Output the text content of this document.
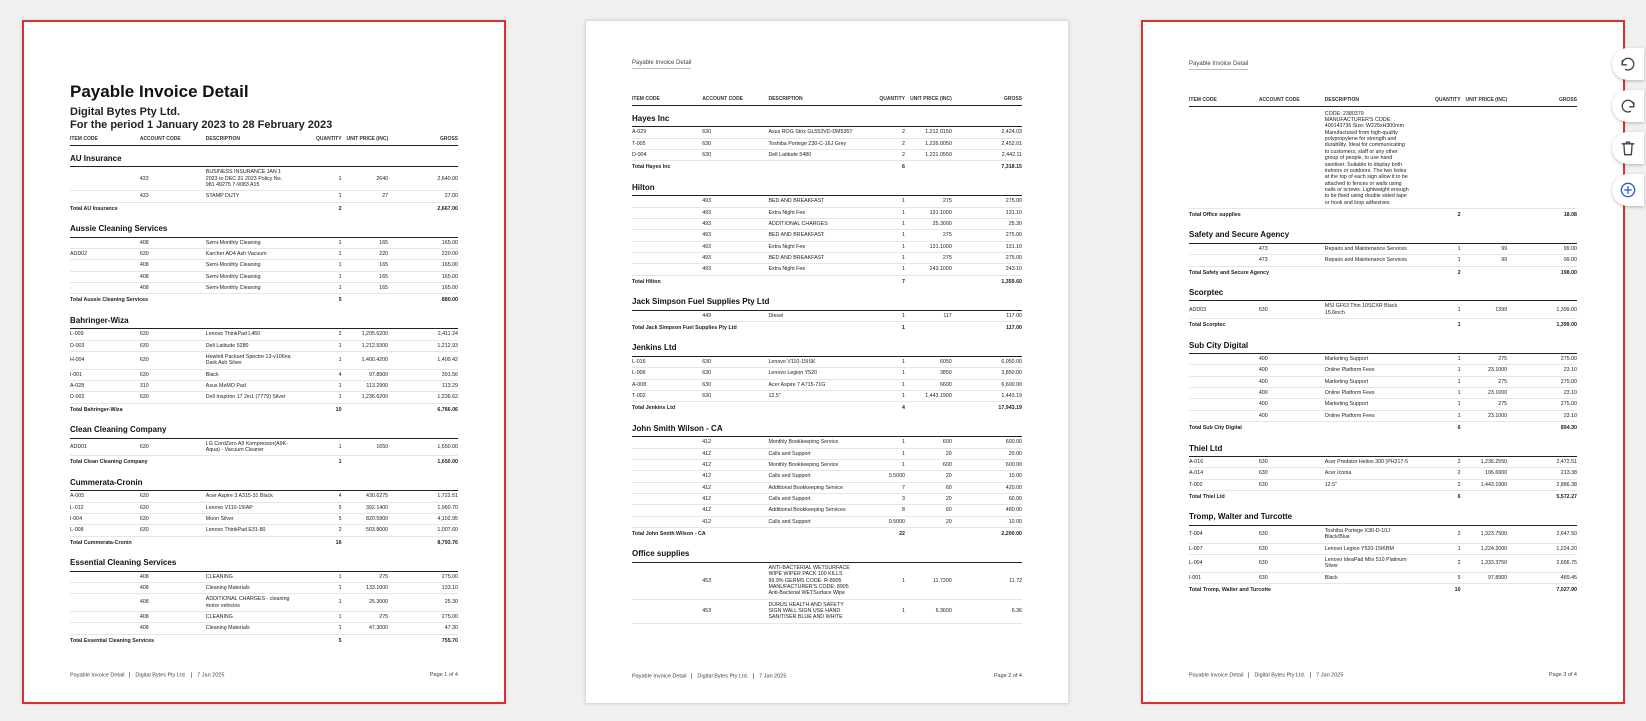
Payable Invoice Detail
Digital Bytes Pty Ltd.
For the period 1 January 2023 to 28 February 2023
ITEM CODE	ACCOUNT CODE	DESCRIPTION	QUANTITY	UNIT PRICE (INC)	GROSS
AU Insurance					
	433	BUSINESS INSURANCE JAN 1 2023 to DEC 31 2023 Policy No. 981 49275 7-9083 A15	1	2640	2,640.00
	433	STAMP DUTY	1	27	27.00
Total AU Insurance			2		2,667.00
Aussie Cleaning Services					
	408	Semi-Monthly Cleaning	1	165	165.00
ADD02	630	Karcher AD4 Ash Vacuum	1	220	220.00
	408	Semi-Monthly Cleaning	1	165	165.00
	408	Semi-Monthly Cleaning	1	165	165.00
	408	Semi-Monthly Cleaning	1	165	165.00
Total Aussie Cleaning Services			5		880.00
Bahringer-Wiza					
L-009	630	Lenovo ThinkPad L460	2	1,205.6200	2,411.24
D-003	630	Dell Latitude 5280	1	1,212.9300	1,212.93
H-004	630	Hewlett Packard Spectre 13-v106na Dark Ash Silver	1	1,400.4200	1,400.42
I-001	630	Black	4	97.8900	391.56
A-028	310	Asus MeMO Pad	1	113.2900	113.29
D-002	630	Dell Inspiron 17 2in1 (7779) Silver	1	1,236.6200	1,236.62
Total Bahringer-Wiza			10		6,766.06
Clean Cleaning Company					
ADD01	630	LG CordZero A9 Kompressor(A9K-Aqua) - Vacuum Cleaner	1	1650	1,650.00
Total Clean Cleaning Company			1		1,650.00
Cummerata-Cronin					
A-005	630	Acer Aspire 3 A315-31 Black	4	430.6275	1,722.51
L-012	630	Lenovo V110-15IAP	5	392.1400	1,960.70
I-004	630	Moon Silver	5	820.5900	4,102.95
L-008	630	Lenovo ThinkPad E31-80	2	503.8000	1,007.60
Total Cummerata-Cronin			16		8,793.76
Essential Cleaning Services					
	408	CLEANING	1	275	275.00
	408	Cleaning Materials	1	133.1000	133.10
	408	ADDITIONAL CHARGES - cleaning motor vehicles	1	25.3000	25.30
	408	CLEANING	1	275	275.00
	408	Cleaning Materials	1	47.3000	47.30
Total Essential Cleaning Services			5		755.70
Payable Invoice Detail Digital Bytes Pty Ltd. 7 Jan 2025	Page 1 of 4
Payable Invoice Detail
ITEM CODE	ACCOUNT CODE	DESCRIPTION	QUANTITY	UNIT PRICE (INC)	GROSS
Hayes Inc					
A-029	630	Asus ROG Strix GL553VD-DM535T	2	1,212.0150	2,424.03
T-005	630	Toshiba Portege Z30-C-16J Grey	2	1,226.0050	2,452.01
D-004	630	Dell Latitude 5480	2	1,221.0550	2,442.11
Total Hayes Inc			6		7,318.15
Hilton					
	493	BED AND BREAKFAST	1	275	275.00
	493	Extra Night Fee	1	131.1000	131.10
	493	ADDITIONAL CHARGES	1	25.3000	25.30
	493	BED AND BREAKFAST	1	275	275.00
	493	Extra Night Fee	1	131.1000	131.10
	493	BED AND BREAKFAST	1	275	275.00
	493	Extra Night Fee	1	243.1000	243.10
Total Hilton			7		1,359.60
Jack Simpson Fuel Supplies Pty Ltd					
	449	Diesel	1	117	117.00
Total Jack Simpson Fuel Supplies Pty Ltd			1		117.00
Jenkins Ltd					
L-016	630	Lenovo V110-15ISK	1	6050	6,050.00
L-006	630	Lenovo Legion Y520	1	3850	3,850.00
A-008	630	Acer Aspire 7 A715-71G	1	6600	6,600.00
T-002	630	12.5"	1	1,443.1900	1,443.19
Total Jenkins Ltd			4		17,943.19
John Smith Wilson - CA					
	412	Monthly Bookkeeping Service	1	600	600.00
	412	Calls and Support	1	20	20.00
	412	Monthly Bookkeeping Service	1	600	600.00
	412	Calls and Support	0.5000	20	10.00
	412	Additional Bookkeeping Service	7	60	420.00
	412	Calls and Support	3	20	60.00
	412	Additional Bookkeeping Services	8	60	480.00
	412	Calls and Support	0.5000	20	10.00
Total John Smith Wilson - CA			22		2,200.00
Office supplies					
	453	ANTI-BACTERIAL WETSURFACE WIPE WIPER PACK 100 KILLS 99.9% GERMS CODE: R-8905 MANUFACTURER'S CODE: 8905 Anti-Bacterial WETSurface Wipe	1	11.7200	11.72
	453	DURUS HEALTH AND SAFETY SIGN WALL SIGN USE HAND SANITISER BLUE AND WHITE	1	6.3600	6.36
Payable Invoice Detail Digital Bytes Pty Ltd. 7 Jan 2025	Page 2 of 4
Payable Invoice Detail
ITEM CODE	ACCOUNT CODE	DESCRIPTION	QUANTITY	UNIT PRICE (INC)	GROSS
		CODE: 2380379 MANUFACTURER'S CODE: 400143736 Size: W225xH300mm Manufactured from high-quality polypropylene for strength and durability. Ideal for communicating to customers, staff or any other group of people, to use hand sanitiser. Suitable to display both indoors or outdoors. The two holes at the top of each sign allow it to be attached to fences or walls using nails or screws. Lightweight enough to be fixed using double sided tape or hook and loop adhesives			
Total Office supplies			2		18.08
Safety and Secure Agency					
	473	Repairs and Maintenance Services	1	99	99.00
	473	Repairs and Maintenance Services	1	99	99.00
Total Safety and Secure Agency			2		198.00
Scorptec					
ADD03	630	MSI GF63 Thin 10SCXR Black 15.6inch	1	1399	1,399.00
Total Scorptec			1		1,399.00
Sub City Digital					
	400	Marketing Support	1	275	275.00
	400	Online Platform Fees	1	23.1000	23.10
	400	Marketing Support	1	275	275.00
	400	Online Platform Fees	1	23.1000	23.10
	400	Marketing Support	1	275	275.00
	400	Online Platform Fees	1	23.1000	23.10
Total Sub City Digital			6		894.30
Thiel Ltd					
A-016	630	Acer Predator Helios 300 (PH317-5	2	1,236.2550	2,472.51
A-014	630	Acer Iconia	2	106.6900	213.38
T-002	630	12.5"	2	1,443.1900	2,886.38
Total Thiel Ltd			6		5,572.27
Tromp, Walter and Turcotte					
T-004	630	Toshiba Portege X30-D-10J Black/Blue	2	1,323.7500	2,647.50
L-007	630	Lenovo Legion Y520-15IKBM	1	1,224.2000	1,224.20
L-004	630	Lenovo IdeaPad Miix 510 Platinum Silver	2	1,333.3750	2,666.75
I-001	630	Black	5	97.8900	489.45
Total Tromp, Walter and Turcotte			10		7,027.90
Payable Invoice Detail Digital Bytes Pty Ltd. 7 Jan 2025	Page 3 of 4
